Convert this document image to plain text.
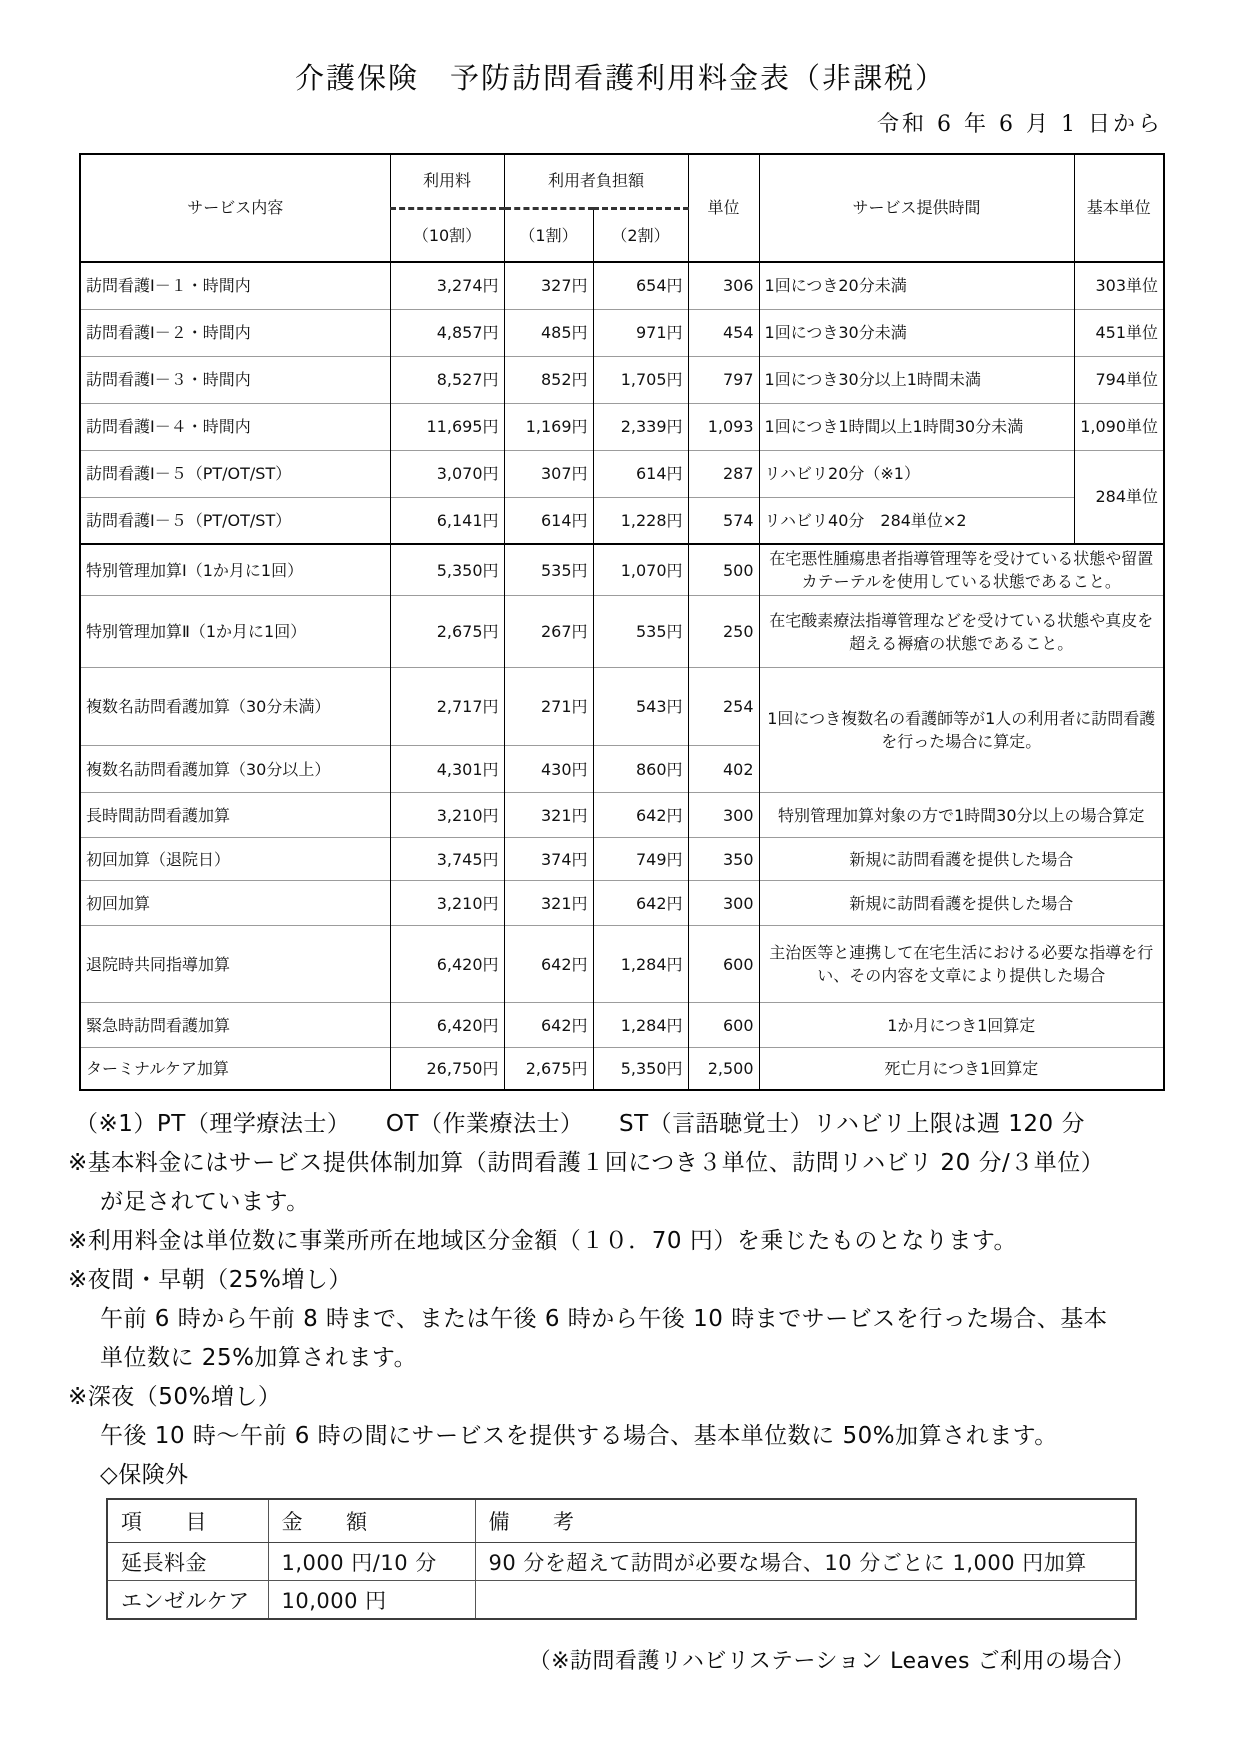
介護保険　予防訪問看護利用料金表（非課税）
令和 6 年 6 月 1 日から
サービス内容	利用料	利用者負担額		単位	サービス提供時間	基本単位
	（10割）	（1割）	（2割）			
訪問看護Ⅰ－１・時間内	3,274円	327円	654円	306	1回につき20分未満	303単位
訪問看護Ⅰ－２・時間内	4,857円	485円	971円	454	1回につき30分未満	451単位
訪問看護Ⅰ－３・時間内	8,527円	852円	1,705円	797	1回につき30分以上1時間未満	794単位
訪問看護Ⅰ－４・時間内	11,695円	1,169円	2,339円	1,093	1回につき1時間以上1時間30分未満	1,090単位
訪問看護Ⅰ－５（PT/OT/ST）	3,070円	307円	614円	287	リハビリ20分（※1）	284単位
訪問看護Ⅰ－５（PT/OT/ST）	6,141円	614円	1,228円	574	リハビリ40分　284単位×2	
特別管理加算Ⅰ（1か月に1回）	5,350円	535円	1,070円	500	在宅悪性腫瘍患者指導管理等を受けている状態や留置カテーテルを使用している状態であること。	
特別管理加算Ⅱ（1か月に1回）	2,675円	267円	535円	250	在宅酸素療法指導管理などを受けている状態や真皮を超える褥瘡の状態であること。	
複数名訪問看護加算（30分未満）	2,717円	271円	543円	254	1回につき複数名の看護師等が1人の利用者に訪問看護を行った場合に算定。	
複数名訪問看護加算（30分以上）	4,301円	430円	860円	402		
長時間訪問看護加算	3,210円	321円	642円	300	特別管理加算対象の方で1時間30分以上の場合算定	
初回加算（退院日）	3,745円	374円	749円	350	新規に訪問看護を提供した場合	
初回加算	3,210円	321円	642円	300	新規に訪問看護を提供した場合	
退院時共同指導加算	6,420円	642円	1,284円	600	主治医等と連携して在宅生活における必要な指導を行い、その内容を文章により提供した場合	
緊急時訪問看護加算	6,420円	642円	1,284円	600	1か月につき1回算定	
ターミナルケア加算	26,750円	2,675円	5,350円	2,500	死亡月につき1回算定	
（※1）PT（理学療法士）　　OT（作業療法士）　　ST（言語聴覚士）リハビリ上限は週 120 分
※基本料金にはサービス提供体制加算（訪問看護１回につき３単位、訪問リハビリ 20 分/３単位）
が足されています。
※利用料金は単位数に事業所所在地域区分金額（１０．70 円）を乗じたものとなります。
※夜間・早朝（25%増し）
午前 6 時から午前 8 時まで、または午後 6 時から午後 10 時までサービスを行った場合、基本
単位数に 25%加算されます。
※深夜（50%増し）
午後 10 時～午前 6 時の間にサービスを提供する場合、基本単位数に 50%加算されます。
◇保険外
項　　目	金　　額	備　　考
延長料金	1,000 円/10 分	90 分を超えて訪問が必要な場合、10 分ごとに 1,000 円加算
エンゼルケア	10,000 円	
（※訪問看護リハビリステーション Leaves ご利用の場合）
